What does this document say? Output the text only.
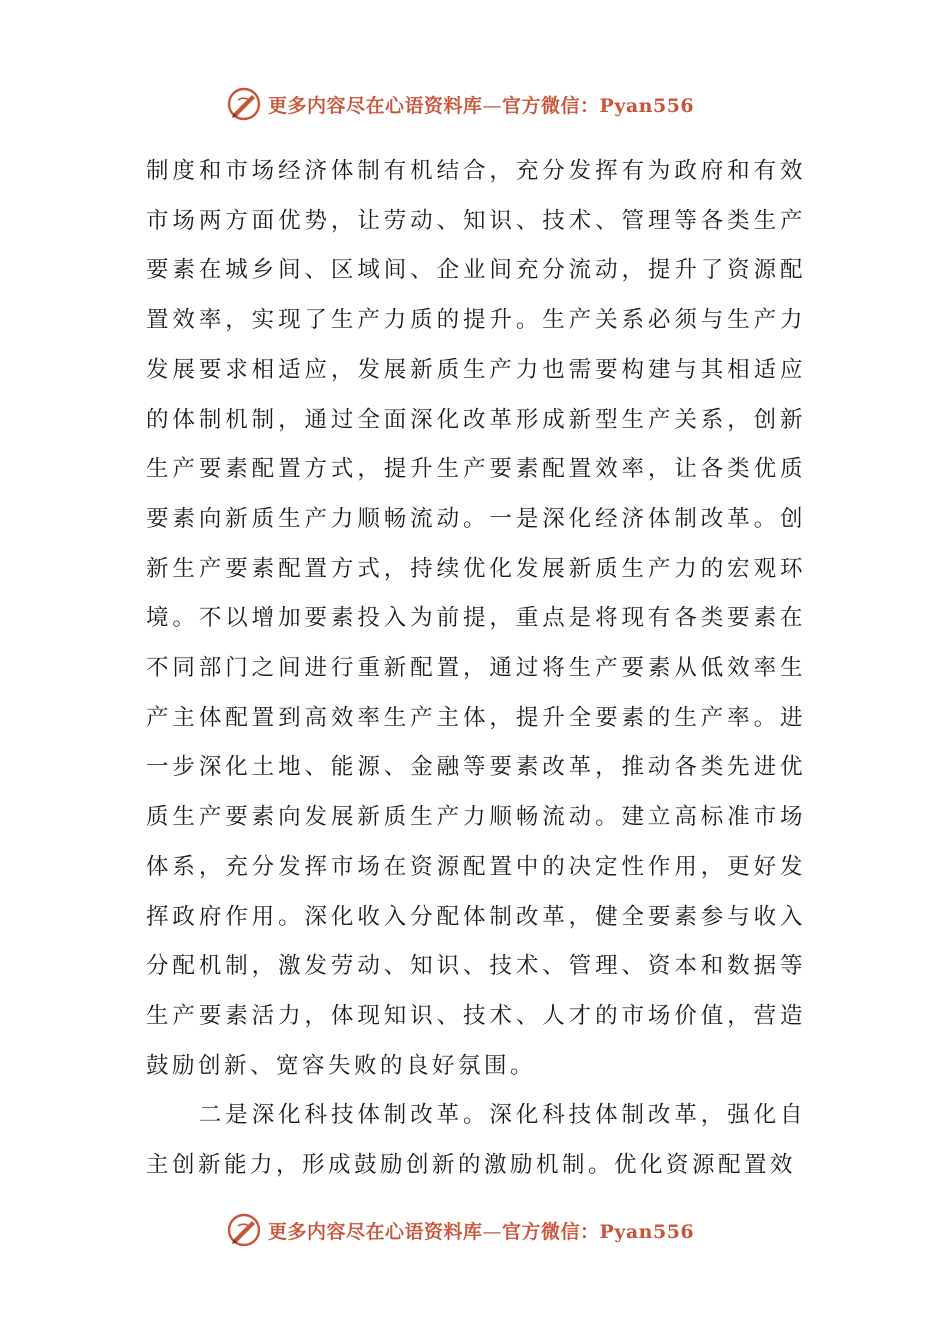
更多内容尽在心语资料库—官方微信：Pyan556

制度和市场经济体制有机结合，充分发挥有为政府和有效市场两方面优势，让劳动、知识、技术、管理等各类生产要素在城乡间、区域间、企业间充分流动，提升了资源配置效率，实现了生产力质的提升。生产关系必须与生产力发展要求相适应，发展新质生产力也需要构建与其相适应的体制机制，通过全面深化改革形成新型生产关系，创新生产要素配置方式，提升生产要素配置效率，让各类优质要素向新质生产力顺畅流动。一是深化经济体制改革。创新生产要素配置方式，持续优化发展新质生产力的宏观环境。不以增加要素投入为前提，重点是将现有各类要素在不同部门之间进行重新配置，通过将生产要素从低效率生产主体配置到高效率生产主体，提升全要素的生产率。进一步深化土地、能源、金融等要素改革，推动各类先进优质生产要素向发展新质生产力顺畅流动。建立高标准市场体系，充分发挥市场在资源配置中的决定性作用，更好发挥政府作用。深化收入分配体制改革，健全要素参与收入分配机制，激发劳动、知识、技术、管理、资本和数据等生产要素活力，体现知识、技术、人才的市场价值，营造鼓励创新、宽容失败的良好氛围。

二是深化科技体制改革。深化科技体制改革，强化自主创新能力，形成鼓励创新的激励机制。优化资源配置效

更多内容尽在心语资料库—官方微信：Pyan556
